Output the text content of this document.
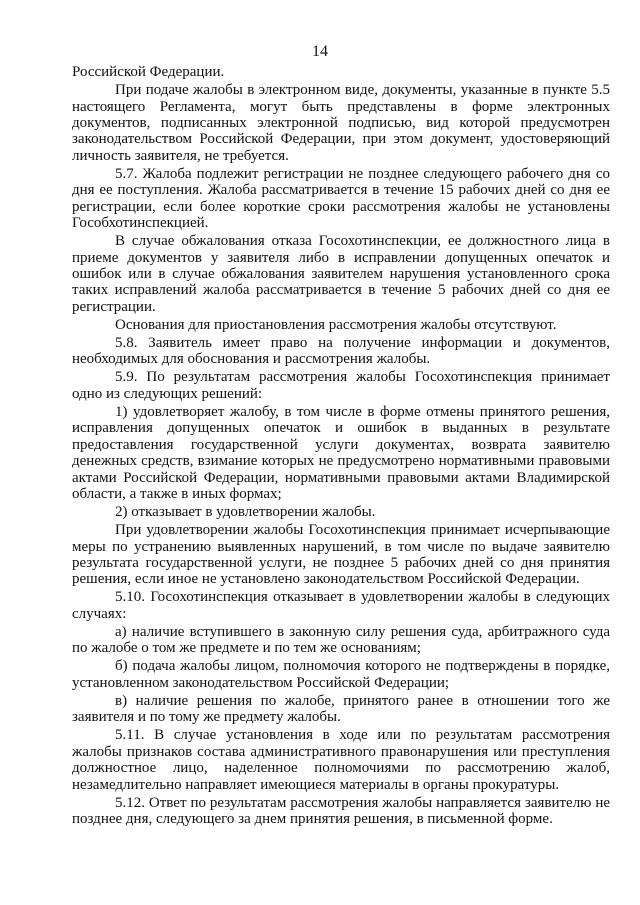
14

Российской Федерации.

При подаче жалобы в электронном виде, документы, указанные в пункте 5.5 настоящего Регламента, могут быть представлены в форме электронных документов, подписанных электронной подписью, вид которой предусмотрен законодательством Российской Федерации, при этом документ, удостоверяющий личность заявителя, не требуется.

5.7. Жалоба подлежит регистрации не позднее следующего рабочего дня со дня ее поступления. Жалоба рассматривается в течение 15 рабочих дней со дня ее регистрации, если более короткие сроки рассмотрения жалобы не установлены Гособхотинспекцией.

В случае обжалования отказа Госохотинспекции, ее должностного лица в приеме документов у заявителя либо в исправлении допущенных опечаток и ошибок или в случае обжалования заявителем нарушения установленного срока таких исправлений жалоба рассматривается в течение 5 рабочих дней со дня ее регистрации.

Основания для приостановления рассмотрения жалобы отсутствуют.

5.8. Заявитель имеет право на получение информации и документов, необходимых для обоснования и рассмотрения жалобы.

5.9. По результатам рассмотрения жалобы Госохотинспекция принимает одно из следующих решений:

1) удовлетворяет жалобу, в том числе в форме отмены принятого решения, исправления допущенных опечаток и ошибок в выданных в результате предоставления государственной услуги документах, возврата заявителю денежных средств, взимание которых не предусмотрено нормативными правовыми актами Российской Федерации, нормативными правовыми актами Владимирской области, а также в иных формах;

2) отказывает в удовлетворении жалобы.

При удовлетворении жалобы Госохотинспекция принимает исчерпывающие меры по устранению выявленных нарушений, в том числе по выдаче заявителю результата государственной услуги, не позднее 5 рабочих дней со дня принятия решения, если иное не установлено законодательством Российской Федерации.

5.10. Госохотинспекция отказывает в удовлетворении жалобы в следующих случаях:

а) наличие вступившего в законную силу решения суда, арбитражного суда по жалобе о том же предмете и по тем же основаниям;

б) подача жалобы лицом, полномочия которого не подтверждены в порядке, установленном законодательством Российской Федерации;

в) наличие решения по жалобе, принятого ранее в отношении того же заявителя и по тому же предмету жалобы.

5.11. В случае установления в ходе или по результатам рассмотрения жалобы признаков состава административного правонарушения или преступления должностное лицо, наделенное полномочиями по рассмотрению жалоб, незамедлительно направляет имеющиеся материалы в органы прокуратуры.

5.12. Ответ по результатам рассмотрения жалобы направляется заявителю не позднее дня, следующего за днем принятия решения, в письменной форме.
